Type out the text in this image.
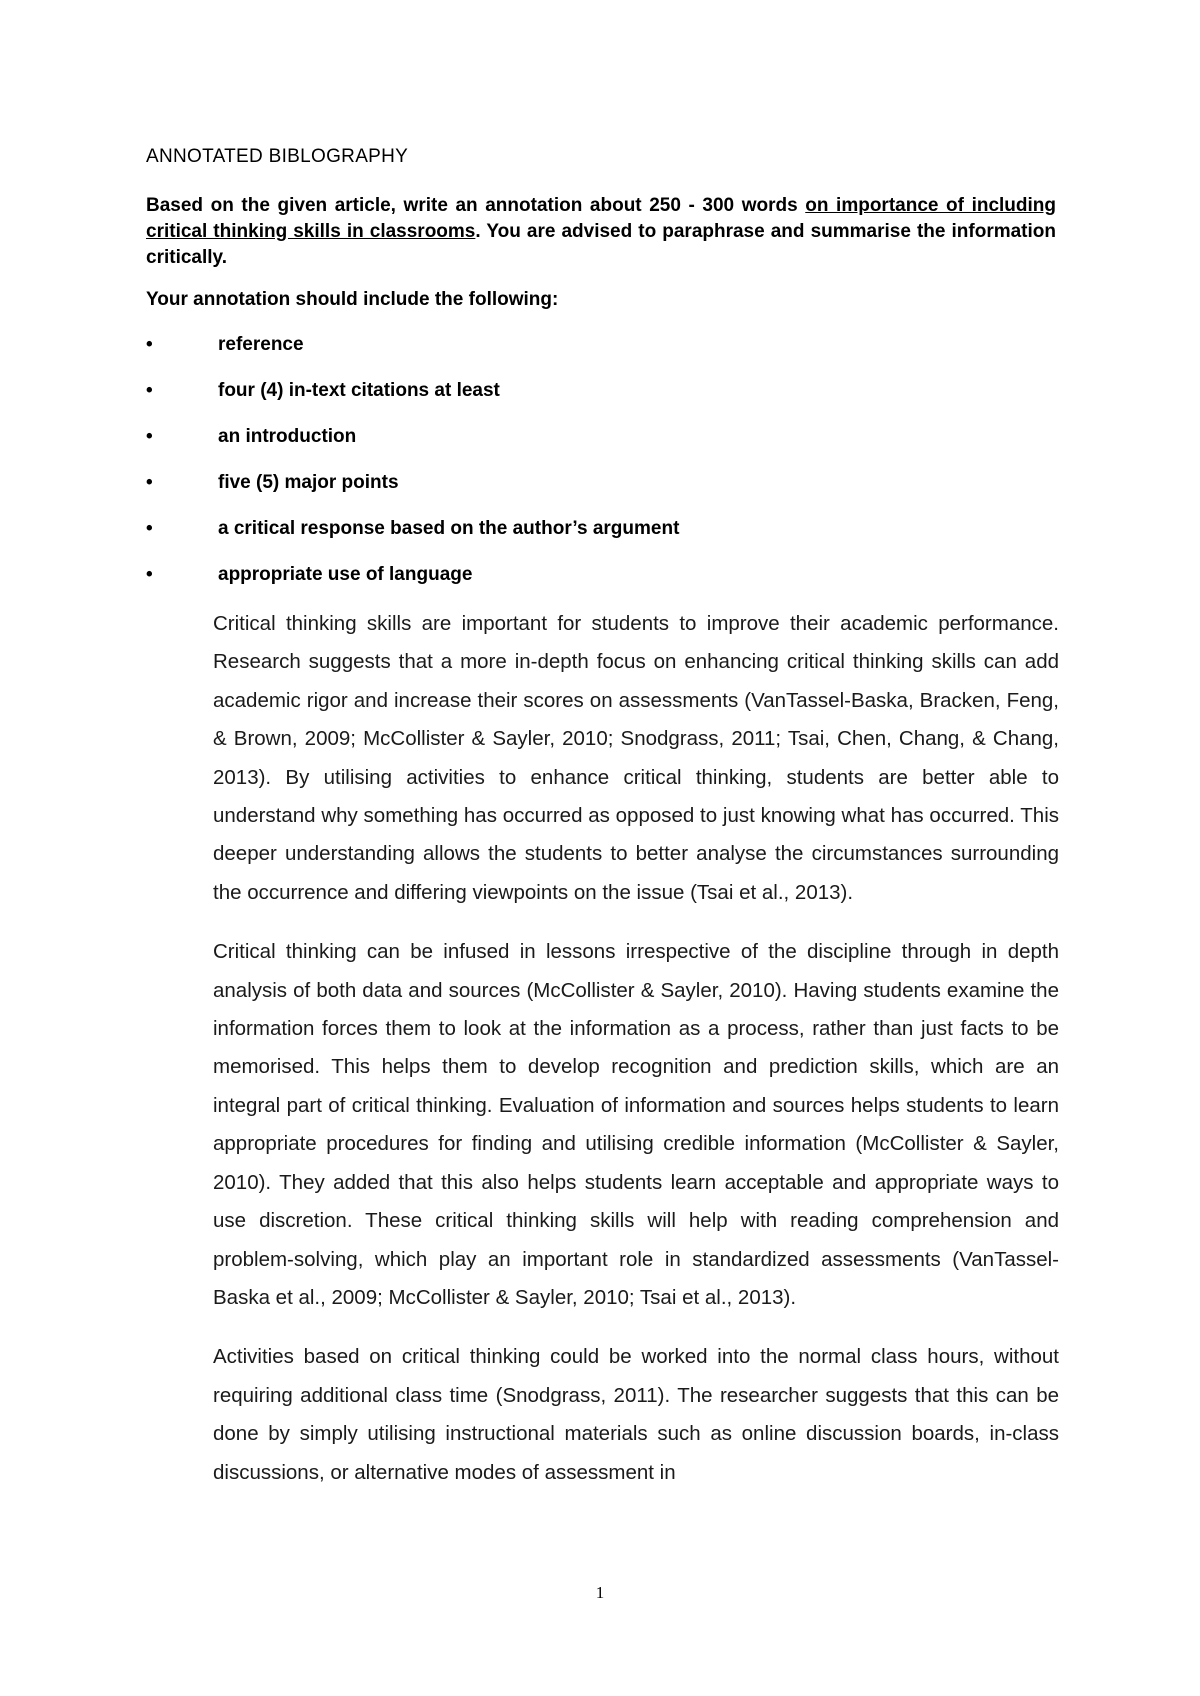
ANNOTATED BIBLOGRAPHY

Based on the given article, write an annotation about 250 - 300 words on importance of including critical thinking skills in classrooms. You are advised to paraphrase and summarise the information critically.

Your annotation should include the following:

•	reference
•	four (4) in-text citations at least
•	an introduction
•	five (5) major points
•	a critical response based on the author’s argument
•	appropriate use of language

Critical thinking skills are important for students to improve their academic performance. Research suggests that a more in-depth focus on enhancing critical thinking skills can add academic rigor and increase their scores on assessments (VanTassel-Baska, Bracken, Feng, & Brown, 2009; McCollister & Sayler, 2010; Snodgrass, 2011; Tsai, Chen, Chang, & Chang, 2013). By utilising activities to enhance critical thinking, students are better able to understand why something has occurred as opposed to just knowing what has occurred. This deeper understanding allows the students to better analyse the circumstances surrounding the occurrence and differing viewpoints on the issue (Tsai et al., 2013).

Critical thinking can be infused in lessons irrespective of the discipline through in depth analysis of both data and sources (McCollister & Sayler, 2010). Having students examine the information forces them to look at the information as a process, rather than just facts to be memorised. This helps them to develop recognition and prediction skills, which are an integral part of critical thinking. Evaluation of information and sources helps students to learn appropriate procedures for finding and utilising credible information (McCollister & Sayler, 2010). They added that this also helps students learn acceptable and appropriate ways to use discretion. These critical thinking skills will help with reading comprehension and problem-solving, which play an important role in standardized assessments (VanTassel-Baska et al., 2009; McCollister & Sayler, 2010; Tsai et al., 2013).

Activities based on critical thinking could be worked into the normal class hours, without requiring additional class time (Snodgrass, 2011). The researcher suggests that this can be done by simply utilising instructional materials such as online discussion boards, in-class discussions, or alternative modes of assessment in

1
